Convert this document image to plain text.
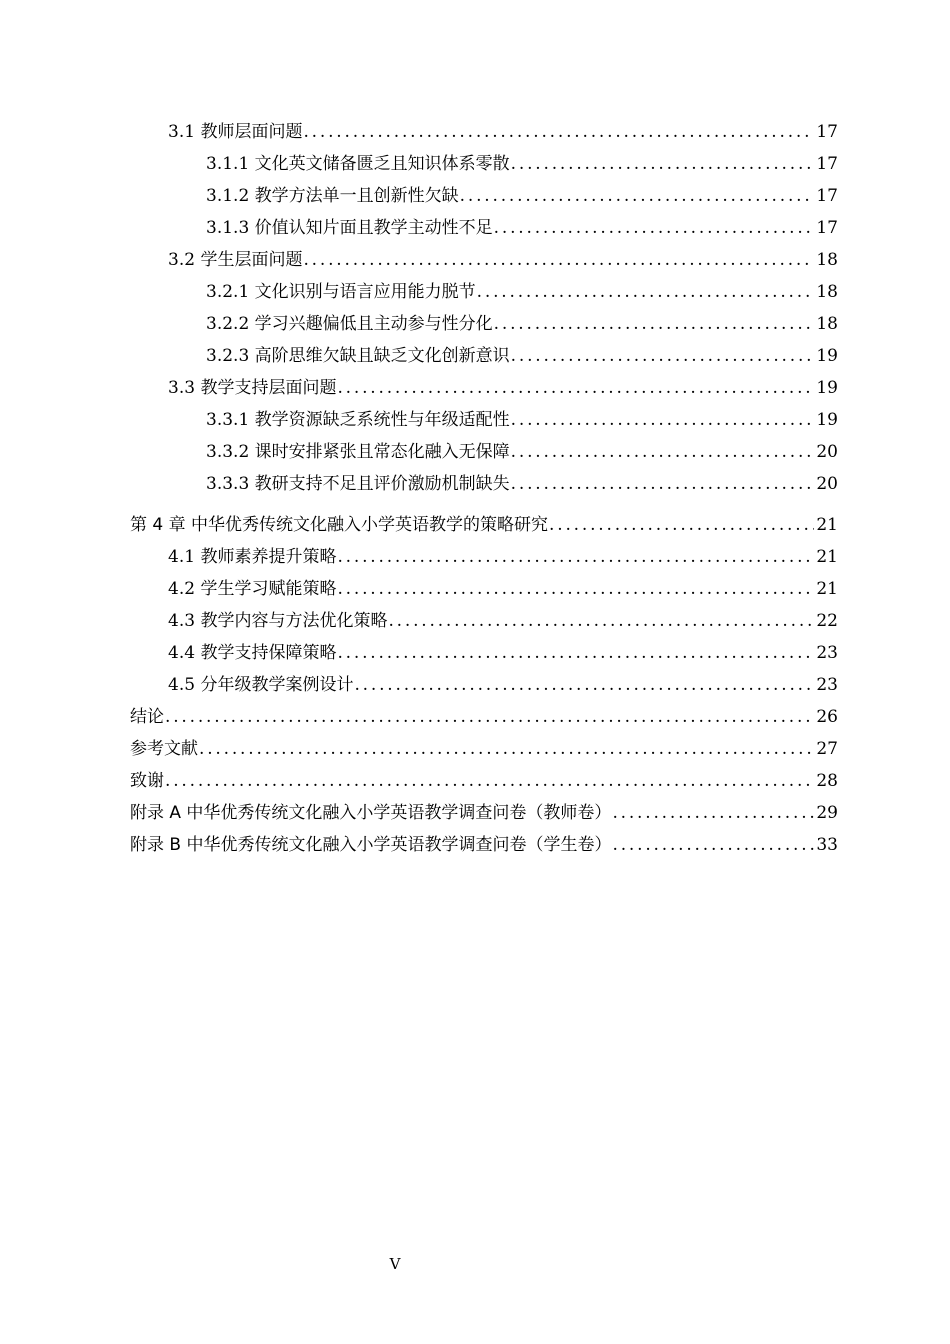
3.1 教师层面问题 . . .	17
3.1.1 文化英文储备匮乏且知识体系零散 . . .	17
3.1.2 教学方法单一且创新性欠缺 . . .	17
3.1.3 价值认知片面且教学主动性不足 . . .	17
3.2 学生层面问题 . . .	18
3.2.1 文化识别与语言应用能力脱节 . . .	18
3.2.2 学习兴趣偏低且主动参与性分化 . . .	18
3.2.3 高阶思维欠缺且缺乏文化创新意识 . . .	19
3.3 教学支持层面问题 . . .	19
3.3.1 教学资源缺乏系统性与年级适配性 . . .	19
3.3.2 课时安排紧张且常态化融入无保障 . . .	20
3.3.3 教研支持不足且评价激励机制缺失 . . .	20
第 4 章 中华优秀传统文化融入小学英语教学的策略研究 . . .	21
4.1 教师素养提升策略 . . .	21
4.2 学生学习赋能策略 . . .	21
4.3 教学内容与方法优化策略 . . .	22
4.4 教学支持保障策略 . . .	23
4.5 分年级教学案例设计 . . .	23
结论 . . .	26
参考文献 . . .	27
致谢 . . .	28
附录 A 中华优秀传统文化融入小学英语教学调查问卷（教师卷） . . .	29
附录 B 中华优秀传统文化融入小学英语教学调查问卷（学生卷） . . .	33
V
